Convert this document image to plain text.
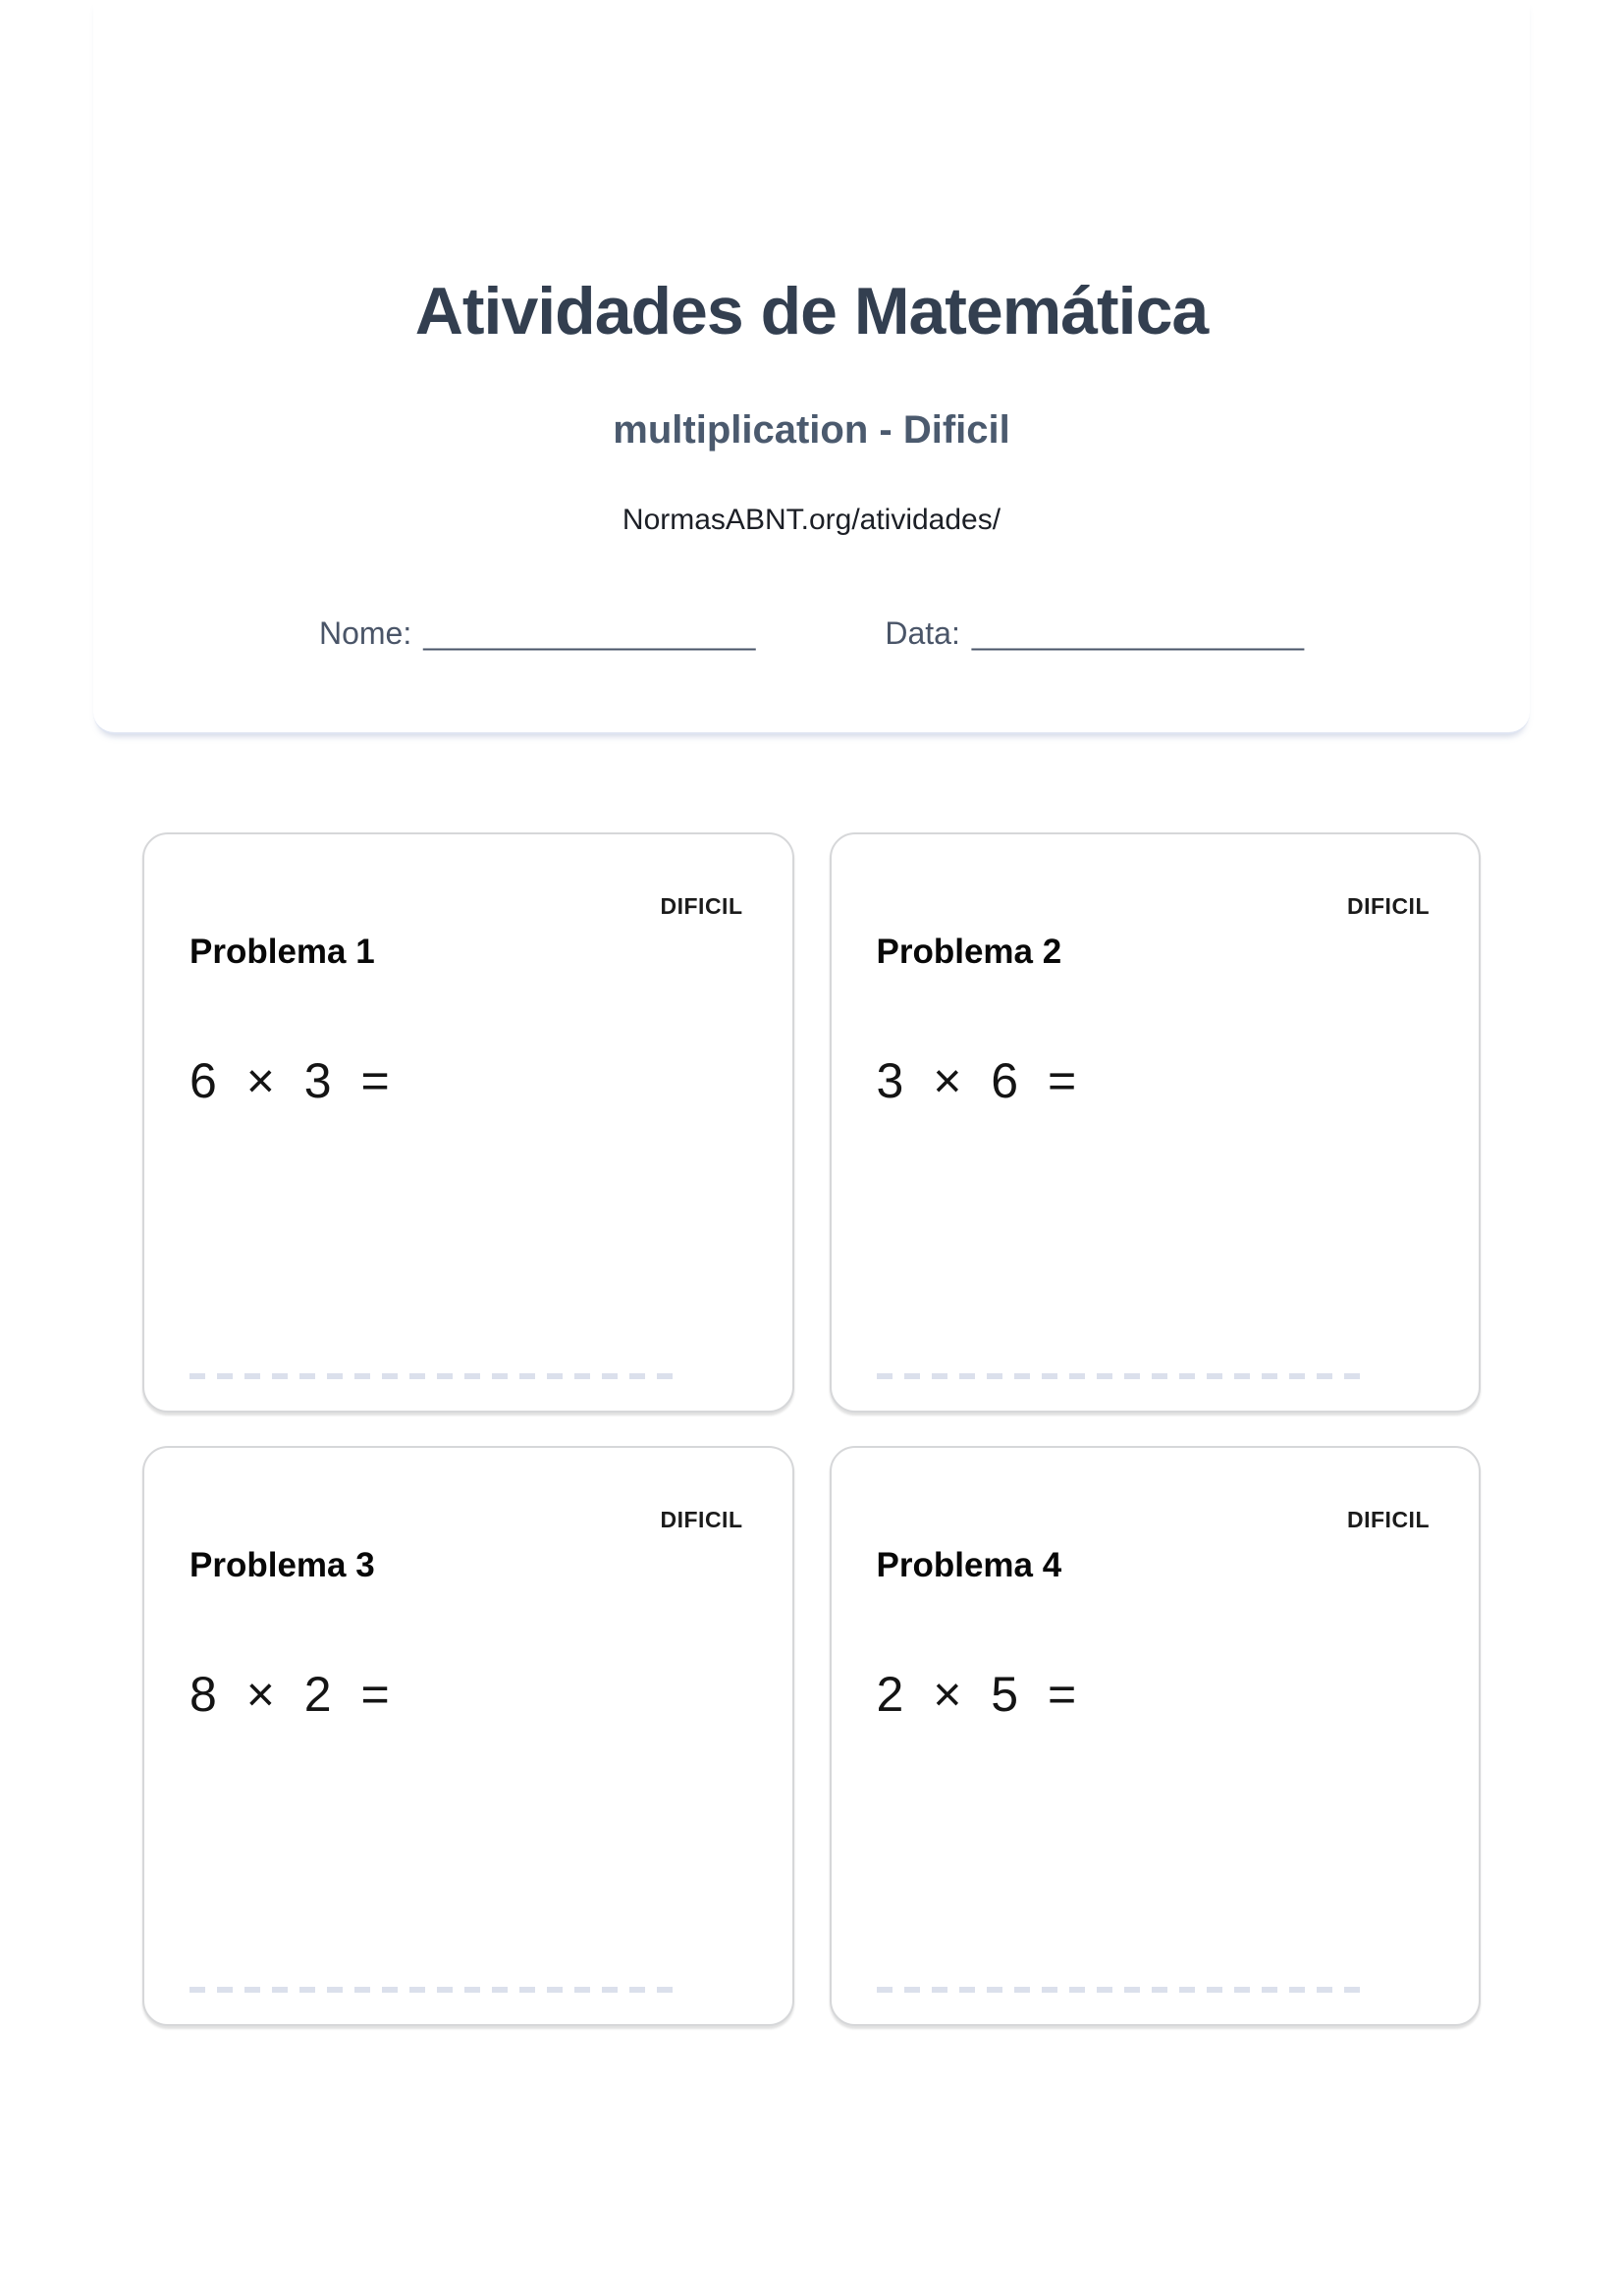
Atividades de Matemática
multiplication - Dificil
NormasABNT.org/atividades/
Nome: ___________________	Data: ___________________
DIFICIL
Problema 1

6 × 3 =

DIFICIL
Problema 2

3 × 6 =

DIFICIL
Problema 3

8 × 2 =

DIFICIL
Problema 4

2 × 5 =
